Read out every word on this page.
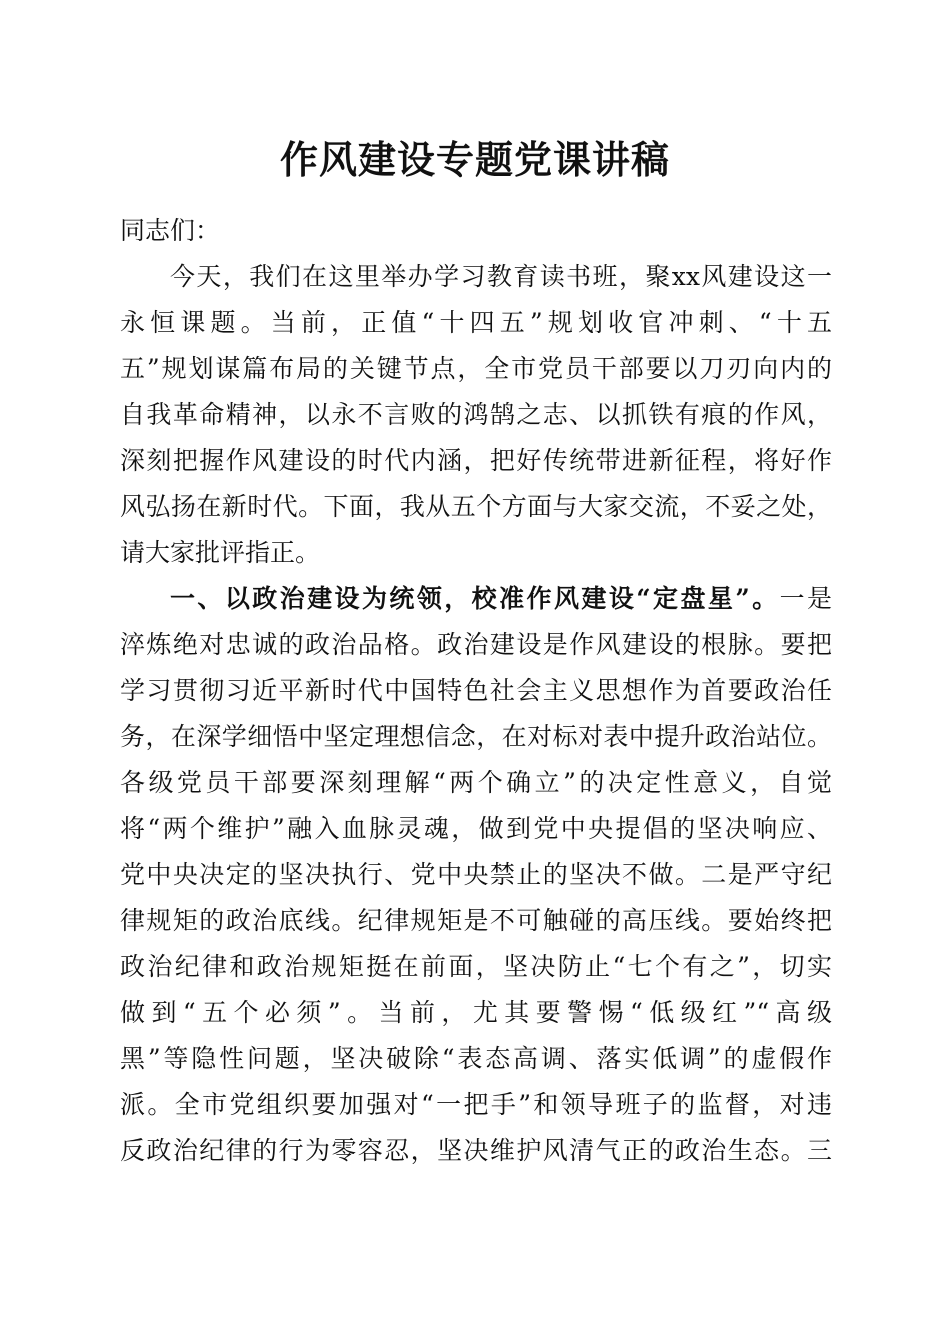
作风建设专题党课讲稿
同志们：
今天，我们在这里举办学习教育读书班，聚xx风建设这一
永恒课题。当前，正值“十四五”规划收官冲刺、“十五
五”规划谋篇布局的关键节点，全市党员干部要以刀刃向内的
自我革命精神，以永不言败的鸿鹄之志、以抓铁有痕的作风，
深刻把握作风建设的时代内涵，把好传统带进新征程，将好作
风弘扬在新时代。下面，我从五个方面与大家交流，不妥之处，
请大家批评指正。
一、以政治建设为统领，校准作风建设“定盘星”。一是
淬炼绝对忠诚的政治品格。政治建设是作风建设的根脉。要把
学习贯彻习近平新时代中国特色社会主义思想作为首要政治任
务，在深学细悟中坚定理想信念，在对标对表中提升政治站位。
各级党员干部要深刻理解“两个确立”的决定性意义，自觉
将“两个维护”融入血脉灵魂，做到党中央提倡的坚决响应、
党中央决定的坚决执行、党中央禁止的坚决不做。二是严守纪
律规矩的政治底线。纪律规矩是不可触碰的高压线。要始终把
政治纪律和政治规矩挺在前面，坚决防止“七个有之”，切实
做到“五个必须”。当前，尤其要警惕“低级红”“高级
黑”等隐性问题，坚决破除“表态高调、落实低调”的虚假作
派。全市党组织要加强对“一把手”和领导班子的监督，对违
反政治纪律的行为零容忍，坚决维护风清气正的政治生态。三
